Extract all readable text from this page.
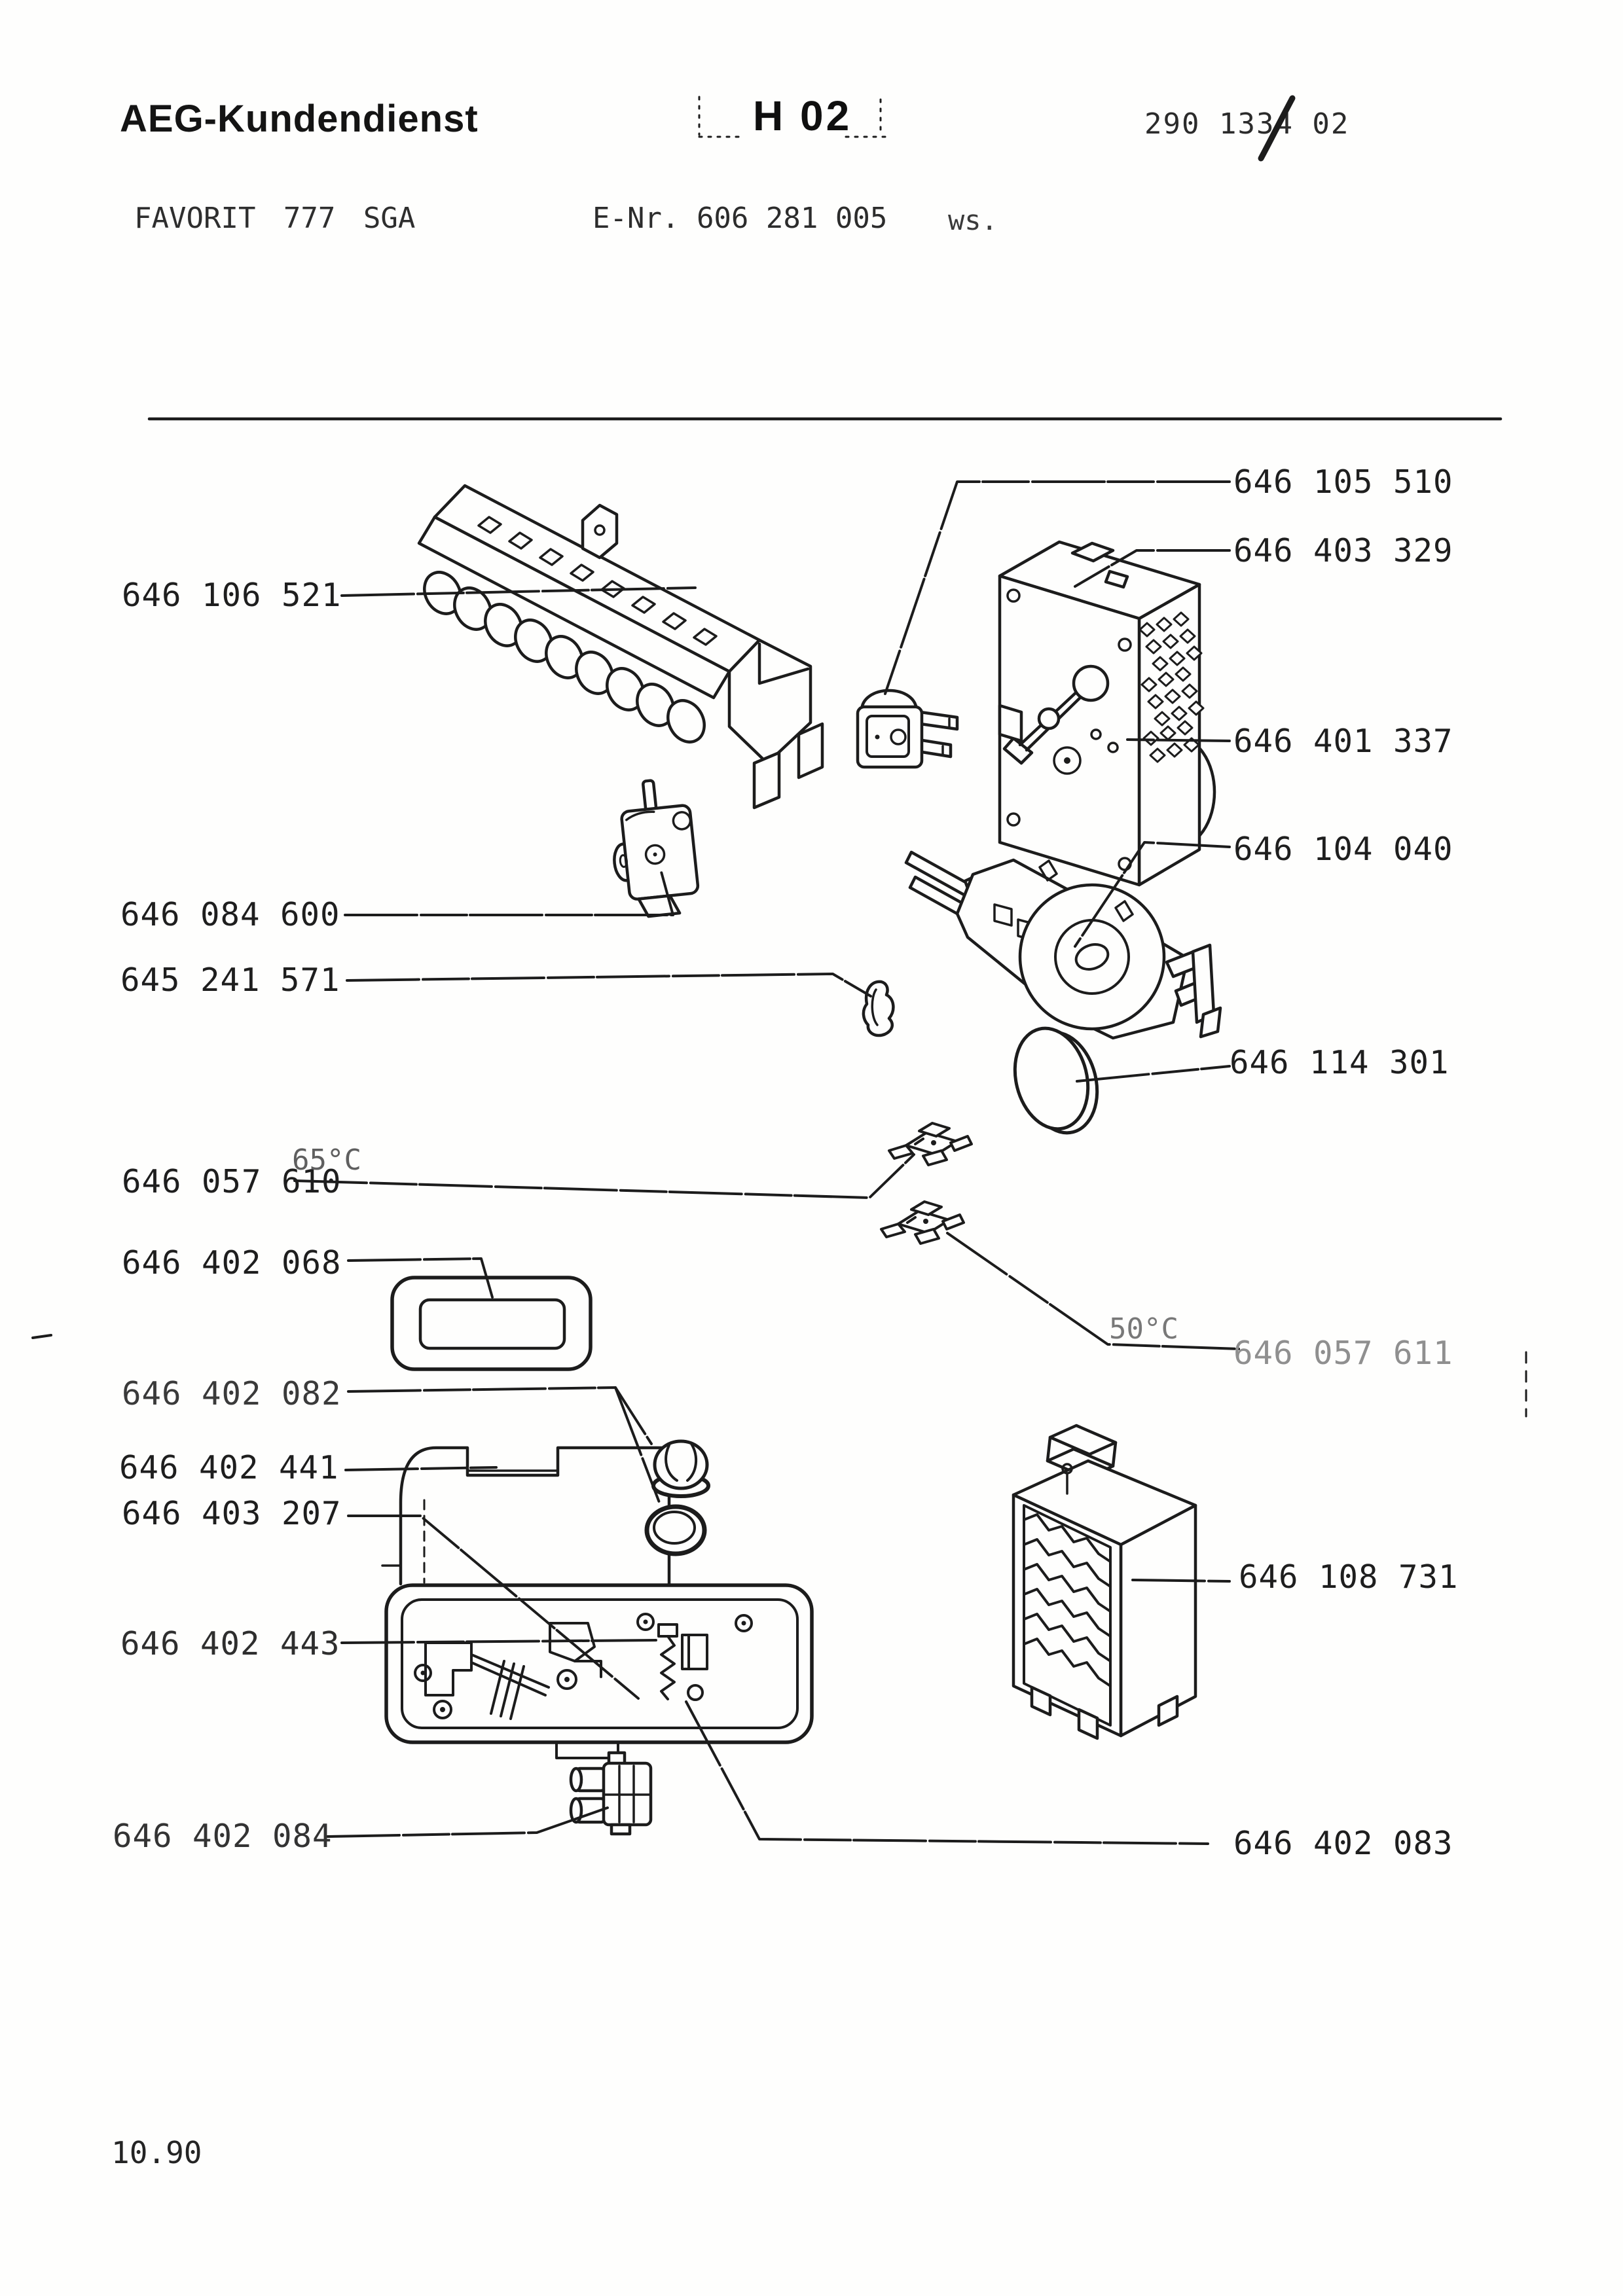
AEG-Kundendienst	H 02	290 1334 02
FAVORIT 777 SGA	E-Nr. 606 281 005 ws.
10.90
646 106 521
646 084 600
645 241 571
646 057 610
646 402 068
646 402 082
646 402 441
646 403 207
646 402 443
646 402 084
646 105 510
646 403 329
646 401 337
646 104 040
646 114 301
646 057 611
646 108 731
646 402 083
65°C
50°C
